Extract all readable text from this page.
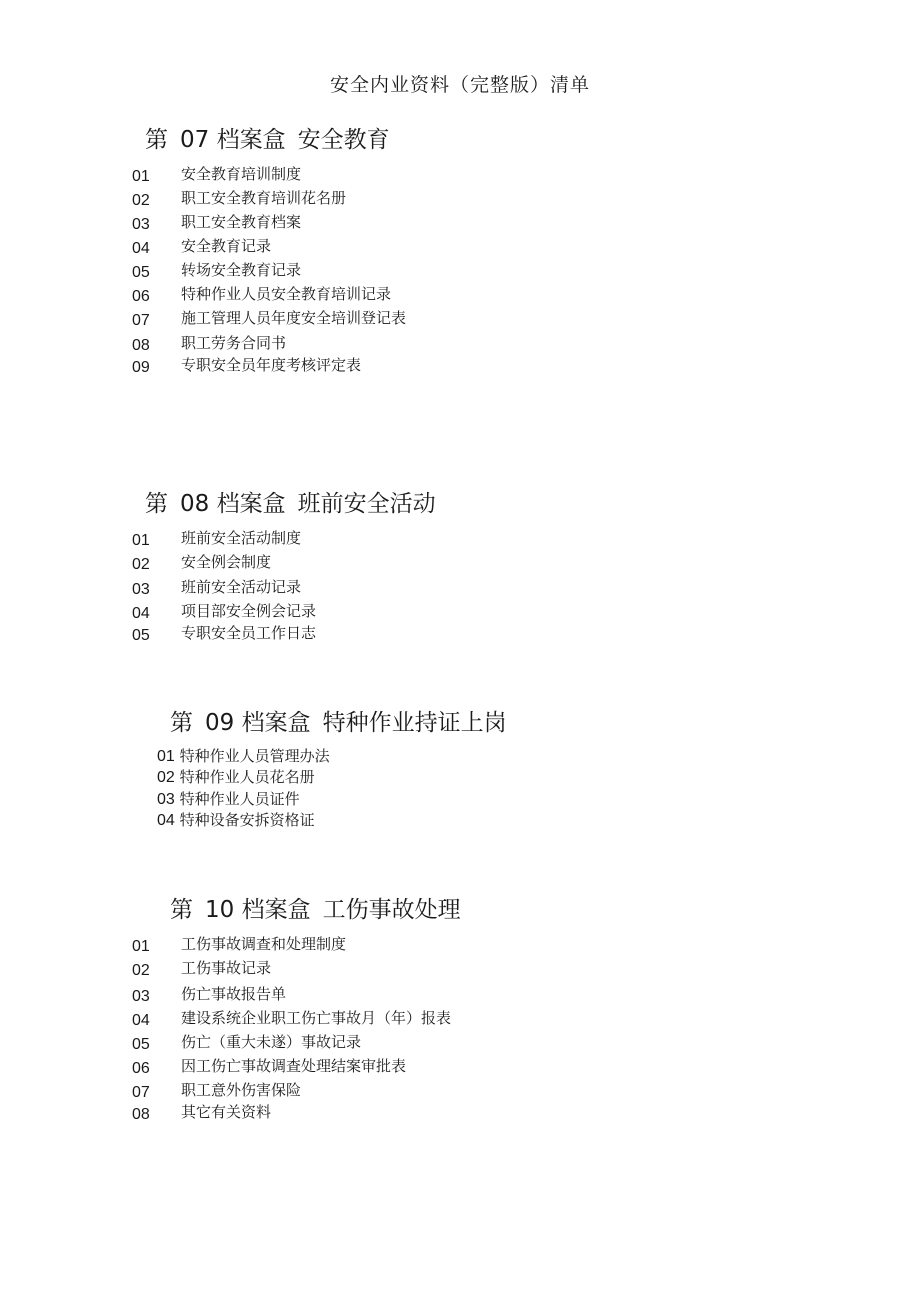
安全内业资料（完整版）清单
第 07 档案盒 安全教育
01 安全教育培训制度
02 职工安全教育培训花名册
03 职工安全教育档案
04 安全教育记录
05 转场安全教育记录
06 特种作业人员安全教育培训记录
07 施工管理人员年度安全培训登记表
08 职工劳务合同书
09 专职安全员年度考核评定表
第 08 档案盒 班前安全活动
01 班前安全活动制度
02 安全例会制度
03 班前安全活动记录
04 项目部安全例会记录
05 专职安全员工作日志
第 09 档案盒 特种作业持证上岗
01 特种作业人员管理办法
02 特种作业人员花名册
03 特种作业人员证件
04 特种设备安拆资格证
第 10 档案盒 工伤事故处理
01 工伤事故调查和处理制度
02 工伤事故记录
03 伤亡事故报告单
04 建设系统企业职工伤亡事故月（年）报表
05 伤亡（重大未遂）事故记录
06 因工伤亡事故调查处理结案审批表
07 职工意外伤害保险
08 其它有关资料
